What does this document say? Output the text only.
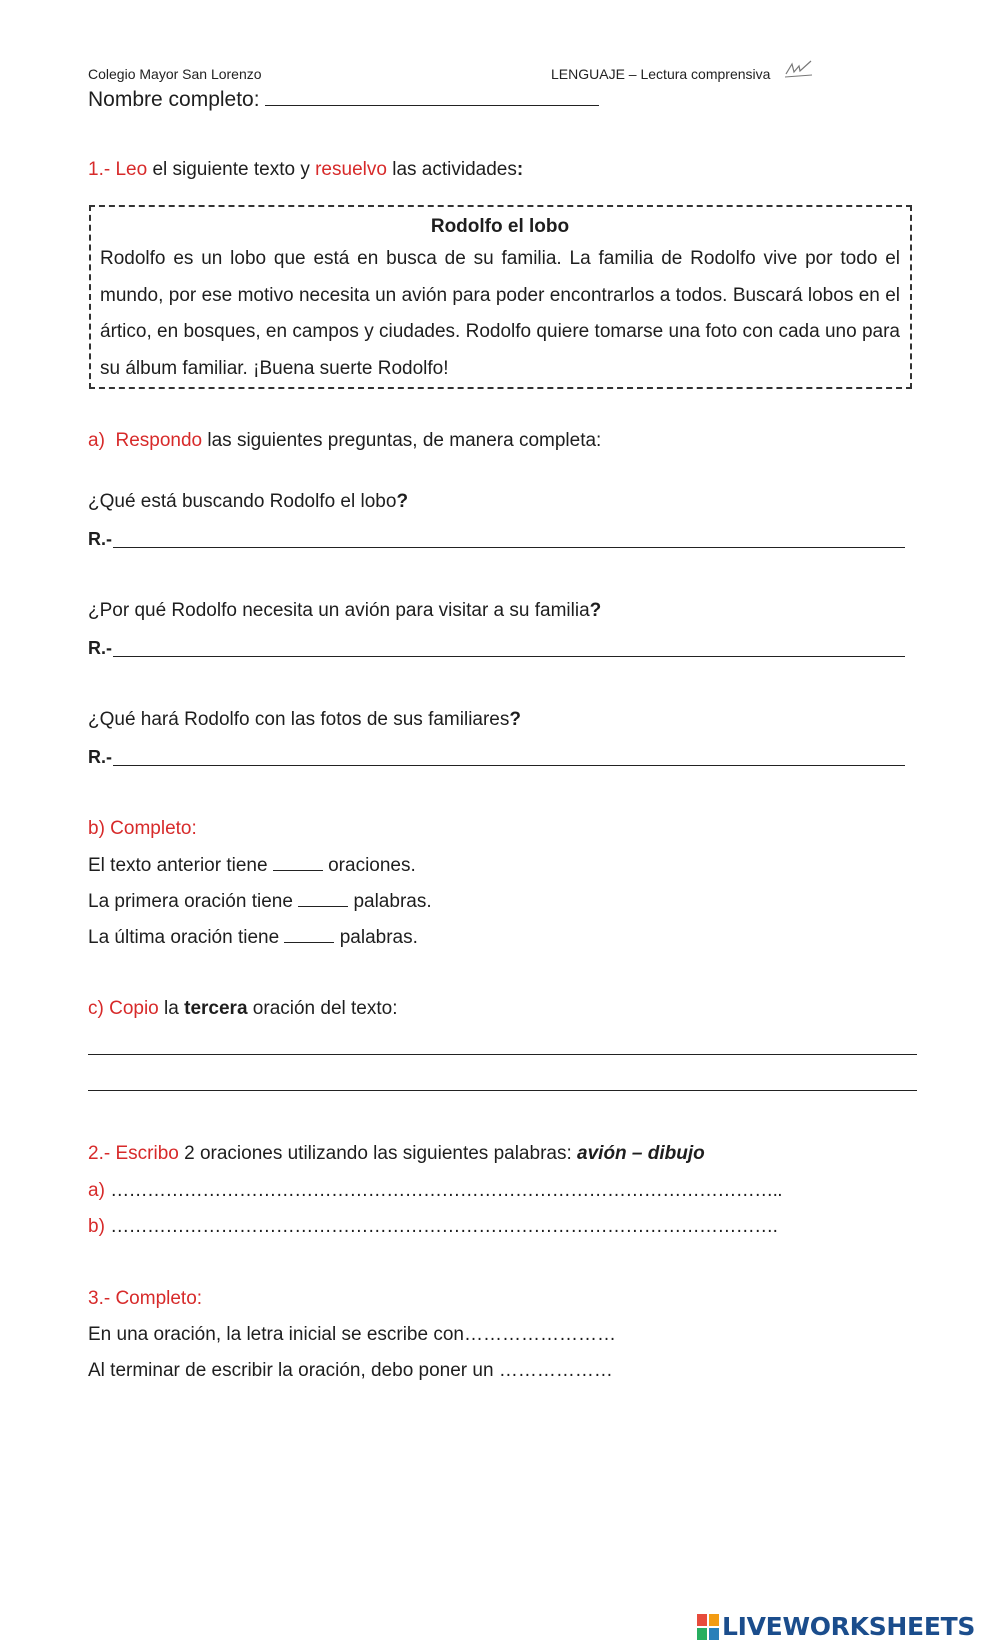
Colegio Mayor San Lorenzo	LENGUAJE – Lectura comprensiva
Nombre completo:
1.- Leo el siguiente texto y resuelvo las actividades:
Rodolfo el lobo
Rodolfo es un lobo que está en busca de su familia. La familia de Rodolfo vive por todo el mundo, por ese motivo necesita un avión para poder encontrarlos a todos. Buscará lobos en el ártico, en bosques, en campos y ciudades. Rodolfo quiere tomarse una foto con cada uno para su álbum familiar. ¡Buena suerte Rodolfo!
a) Respondo las siguientes preguntas, de manera completa:
¿Qué está buscando Rodolfo el lobo?
R.-
¿Por qué Rodolfo necesita un avión para visitar a su familia?
R.-
¿Qué hará Rodolfo con las fotos de sus familiares?
R.-
b) Completo:
El texto anterior tiene	oraciones.
La primera oración tiene	palabras.
La última oración tiene	palabras.
c) Copio la tercera oración del texto:
2.- Escribo 2 oraciones utilizando las siguientes palabras: avión – dibujo
a) ………………………………………………………………………………………………..
b) ……………………………………………………………………………………………….
3.- Completo:
En una oración, la letra inicial se escribe con……………………
Al terminar de escribir la oración, debo poner un ………………
LIVEWORKSHEETS
